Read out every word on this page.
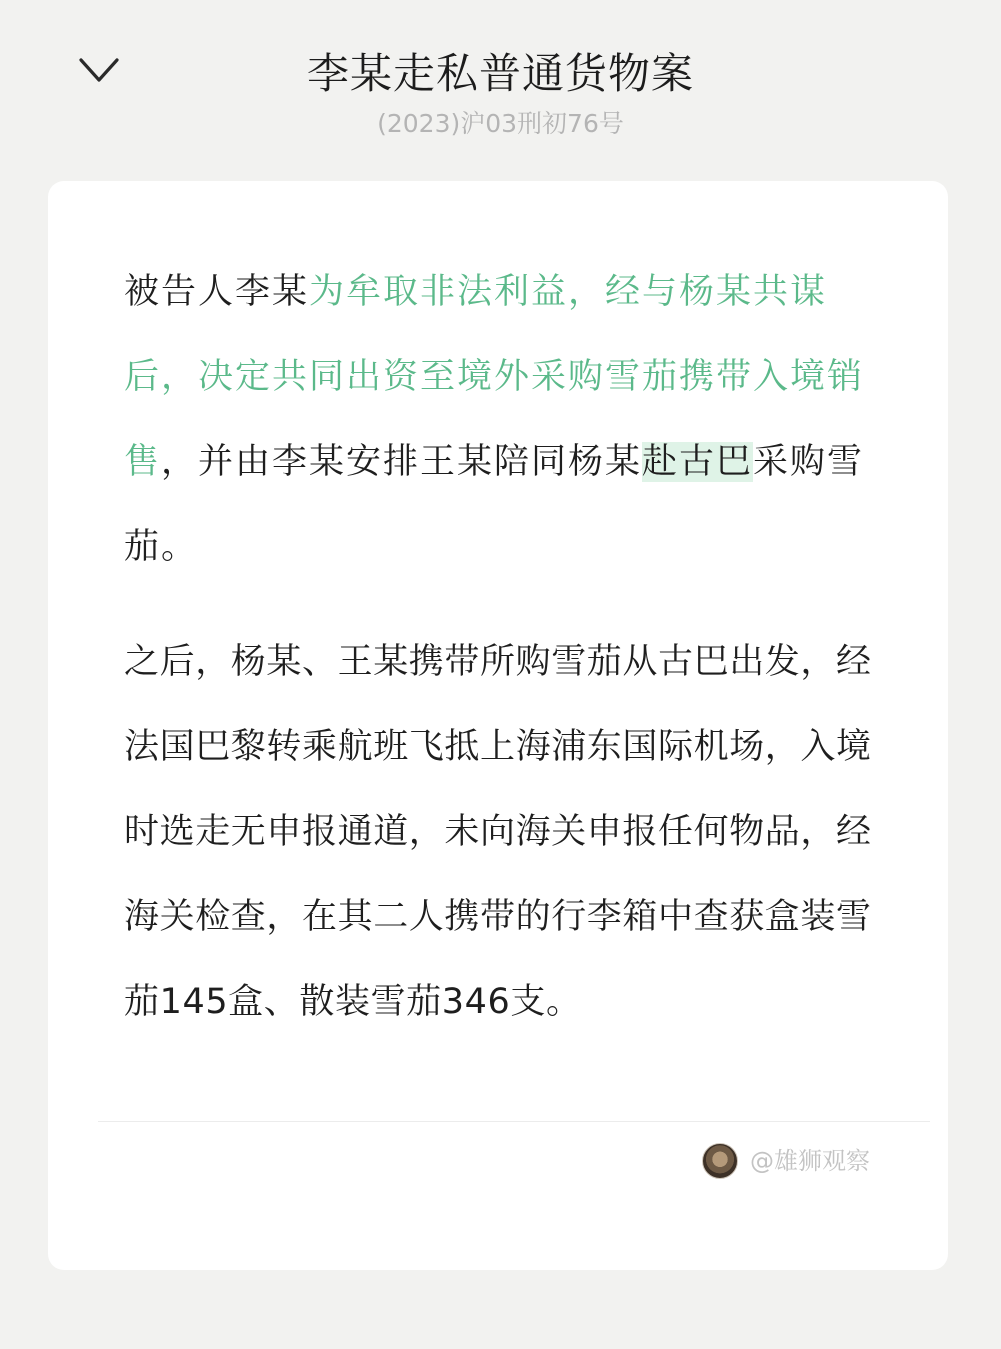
李某走私普通货物案
(2023)沪03刑初76号

被告人李某为牟取非法利益，经与杨某共谋后，决定共同出资至境外采购雪茄携带入境销售，并由李某安排王某陪同杨某赴古巴采购雪茄。

之后，杨某、王某携带所购雪茄从古巴出发，经法国巴黎转乘航班飞抵上海浦东国际机场，入境时选走无申报通道，未向海关申报任何物品，经海关检查，在其二人携带的行李箱中查获盒装雪茄145盒、散装雪茄346支。

@雄狮观察
